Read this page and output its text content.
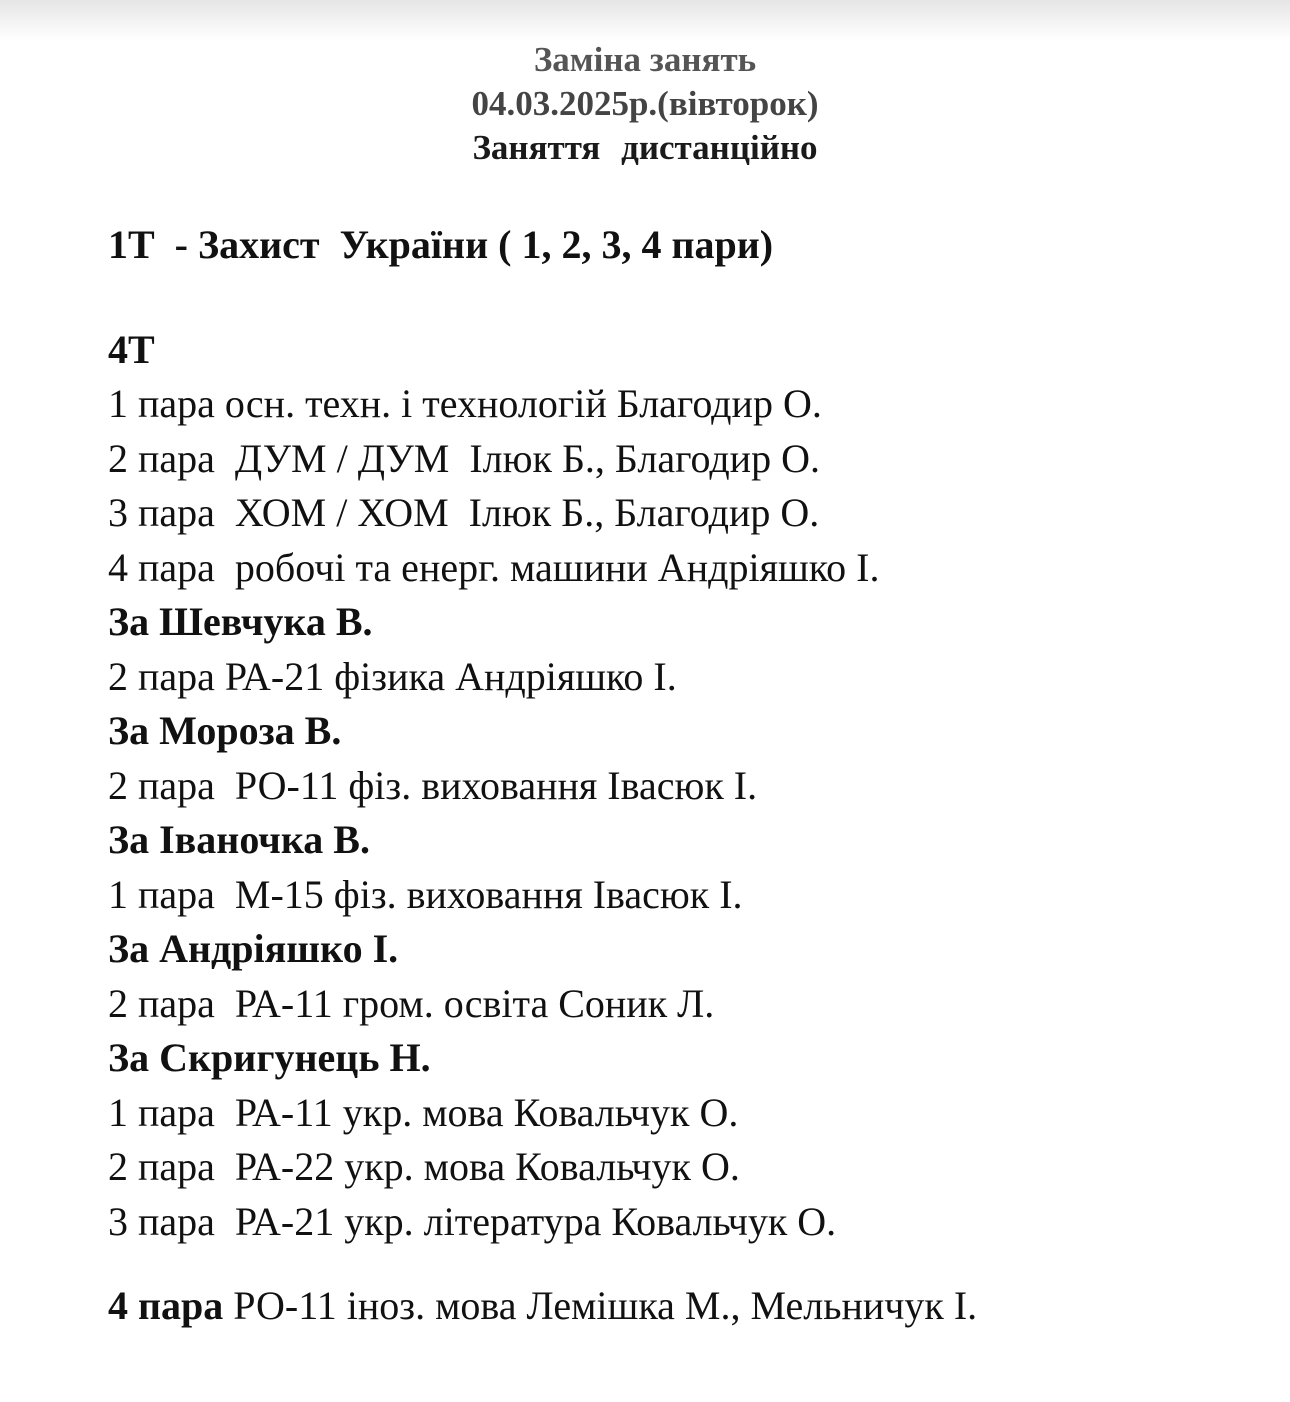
Заміна занять
04.03.2025р.(вівторок)
Заняття дистанційно
1Т  - Захист  України ( 1, 2, 3, 4 пари)
4Т
1 пара осн. техн. і технологій Благодир О.
2 пара  ДУМ / ДУМ  Ілюк Б., Благодир О.
3 пара  ХОМ / ХОМ  Ілюк Б., Благодир О.
4 пара  робочі та енерг. машини Андріяшко І.
За Шевчука В.
2 пара РА-21 фізика Андріяшко І.
За Мороза В.
2 пара  РО-11 фіз. виховання Івасюк І.
За Іваночка В.
1 пара  М-15 фіз. виховання Івасюк І.
За Андріяшко І.
2 пара  РА-11 гром. освіта Соник Л.
За Скригунець Н.
1 пара  РА-11 укр. мова Ковальчук О.
2 пара  РА-22 укр. мова Ковальчук О.
3 пара  РА-21 укр. література Ковальчук О.
4 пара РО-11 іноз. мова Лемішка М., Мельничук І.
